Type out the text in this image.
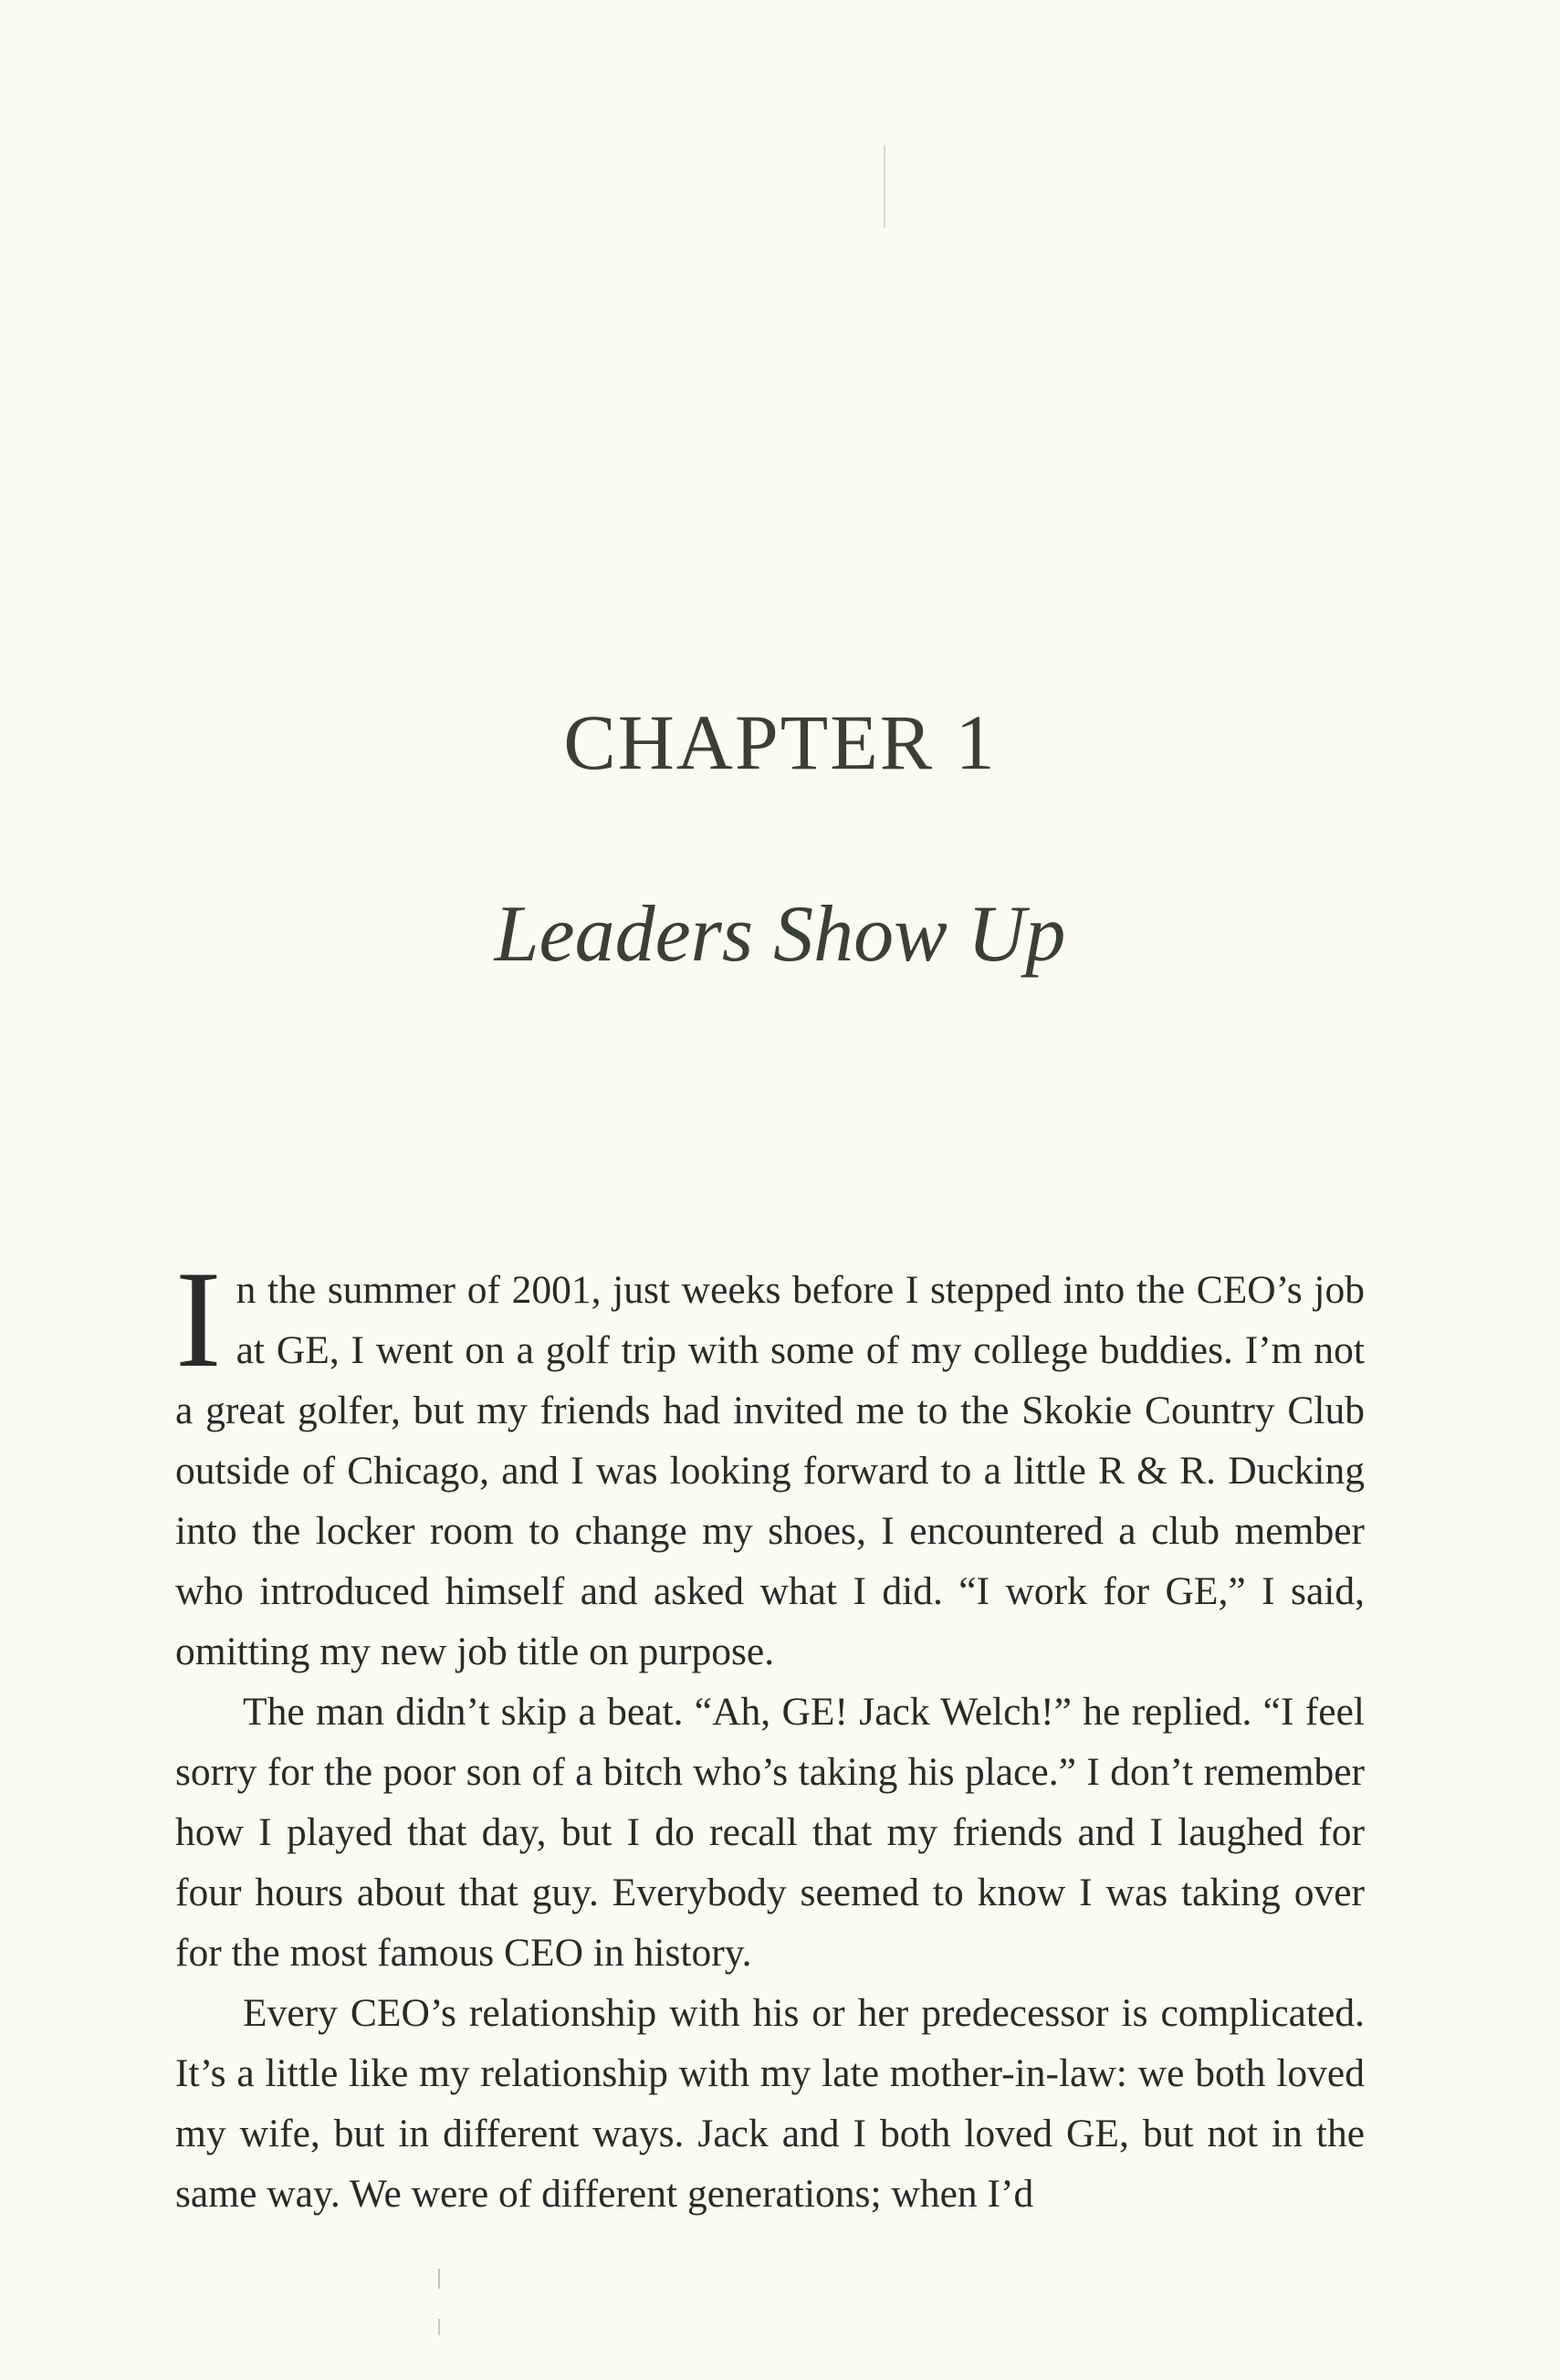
CHAPTER 1
Leaders Show Up

In the summer of 2001, just weeks before I stepped into the CEO’s job at GE, I went on a golf trip with some of my college buddies. I’m not a great golfer, but my friends had invited me to the Skokie Country Club outside of Chicago, and I was looking forward to a little R & R. Ducking into the locker room to change my shoes, I encountered a club member who introduced himself and asked what I did. “I work for GE,” I said, omitting my new job title on purpose.

The man didn’t skip a beat. “Ah, GE! Jack Welch!” he replied. “I feel sorry for the poor son of a bitch who’s taking his place.” I don’t remember how I played that day, but I do recall that my friends and I laughed for four hours about that guy. Everybody seemed to know I was taking over for the most famous CEO in history.

Every CEO’s relationship with his or her predecessor is complicated. It’s a little like my relationship with my late mother-in-law: we both loved my wife, but in different ways. Jack and I both loved GE, but not in the same way. We were of different generations; when I’d
